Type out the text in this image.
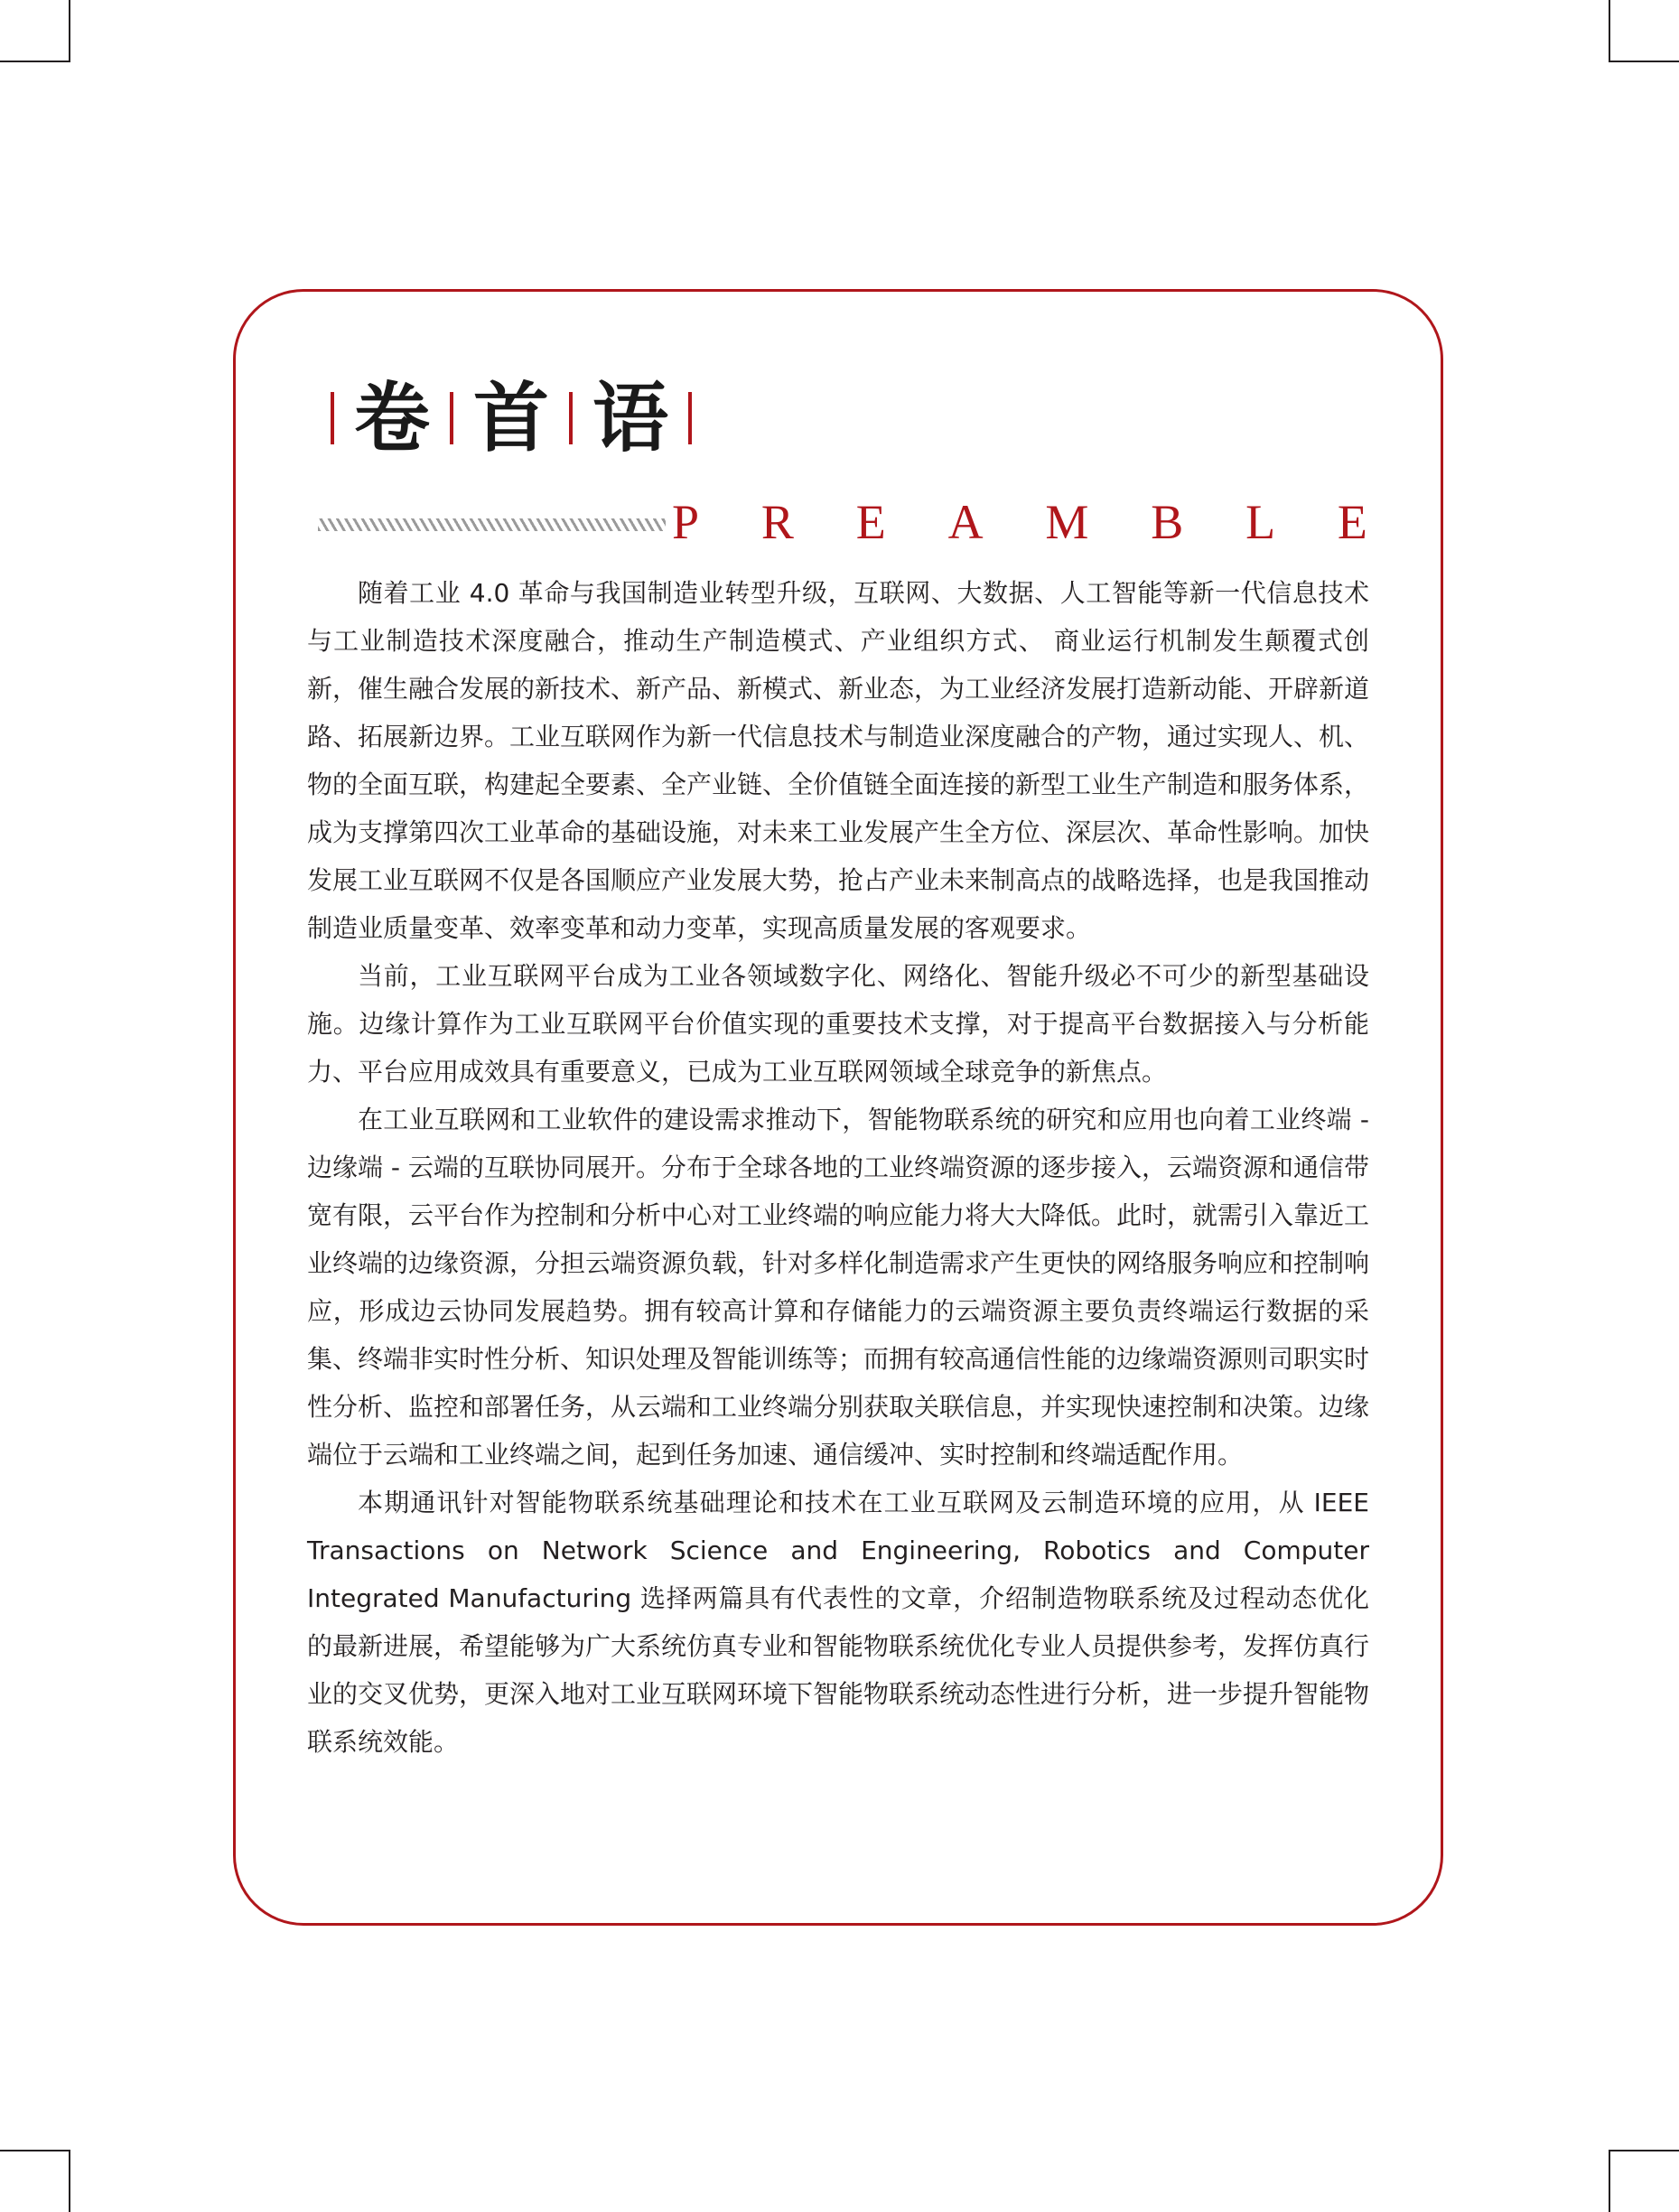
卷 首 语
P R E A M B L E

随着工业 4.0 革命与我国制造业转型升级，互联网、大数据、人工智能等新一代信息技术与工业制造技术深度融合，推动生产制造模式、产业组织方式、 商业运行机制发生颠覆式创新，催生融合发展的新技术、新产品、新模式、新业态，为工业经济发展打造新动能、开辟新道路、拓展新边界。工业互联网作为新一代信息技术与制造业深度融合的产物，通过实现人、机、物的全面互联，构建起全要素、全产业链、全价值链全面连接的新型工业生产制造和服务体系，成为支撑第四次工业革命的基础设施，对未来工业发展产生全方位、深层次、革命性影响。加快发展工业互联网不仅是各国顺应产业发展大势，抢占产业未来制高点的战略选择，也是我国推动制造业质量变革、效率变革和动力变革，实现高质量发展的客观要求。

当前，工业互联网平台成为工业各领域数字化、网络化、智能升级必不可少的新型基础设施。边缘计算作为工业互联网平台价值实现的重要技术支撑，对于提高平台数据接入与分析能力、平台应用成效具有重要意义，已成为工业互联网领域全球竞争的新焦点。

在工业互联网和工业软件的建设需求推动下，智能物联系统的研究和应用也向着工业终端 - 边缘端 - 云端的互联协同展开。分布于全球各地的工业终端资源的逐步接入，云端资源和通信带宽有限，云平台作为控制和分析中心对工业终端的响应能力将大大降低。此时，就需引入靠近工业终端的边缘资源，分担云端资源负载，针对多样化制造需求产生更快的网络服务响应和控制响应，形成边云协同发展趋势。拥有较高计算和存储能力的云端资源主要负责终端运行数据的采集、终端非实时性分析、知识处理及智能训练等；而拥有较高通信性能的边缘端资源则司职实时性分析、监控和部署任务，从云端和工业终端分别获取关联信息，并实现快速控制和决策。边缘端位于云端和工业终端之间，起到任务加速、通信缓冲、实时控制和终端适配作用。

本期通讯针对智能物联系统基础理论和技术在工业互联网及云制造环境的应用，从 IEEE Transactions on Network Science and Engineering, Robotics and Computer Integrated Manufacturing 选择两篇具有代表性的文章，介绍制造物联系统及过程动态优化的最新进展，希望能够为广大系统仿真专业和智能物联系统优化专业人员提供参考，发挥仿真行业的交叉优势，更深入地对工业互联网环境下智能物联系统动态性进行分析，进一步提升智能物联系统效能。
